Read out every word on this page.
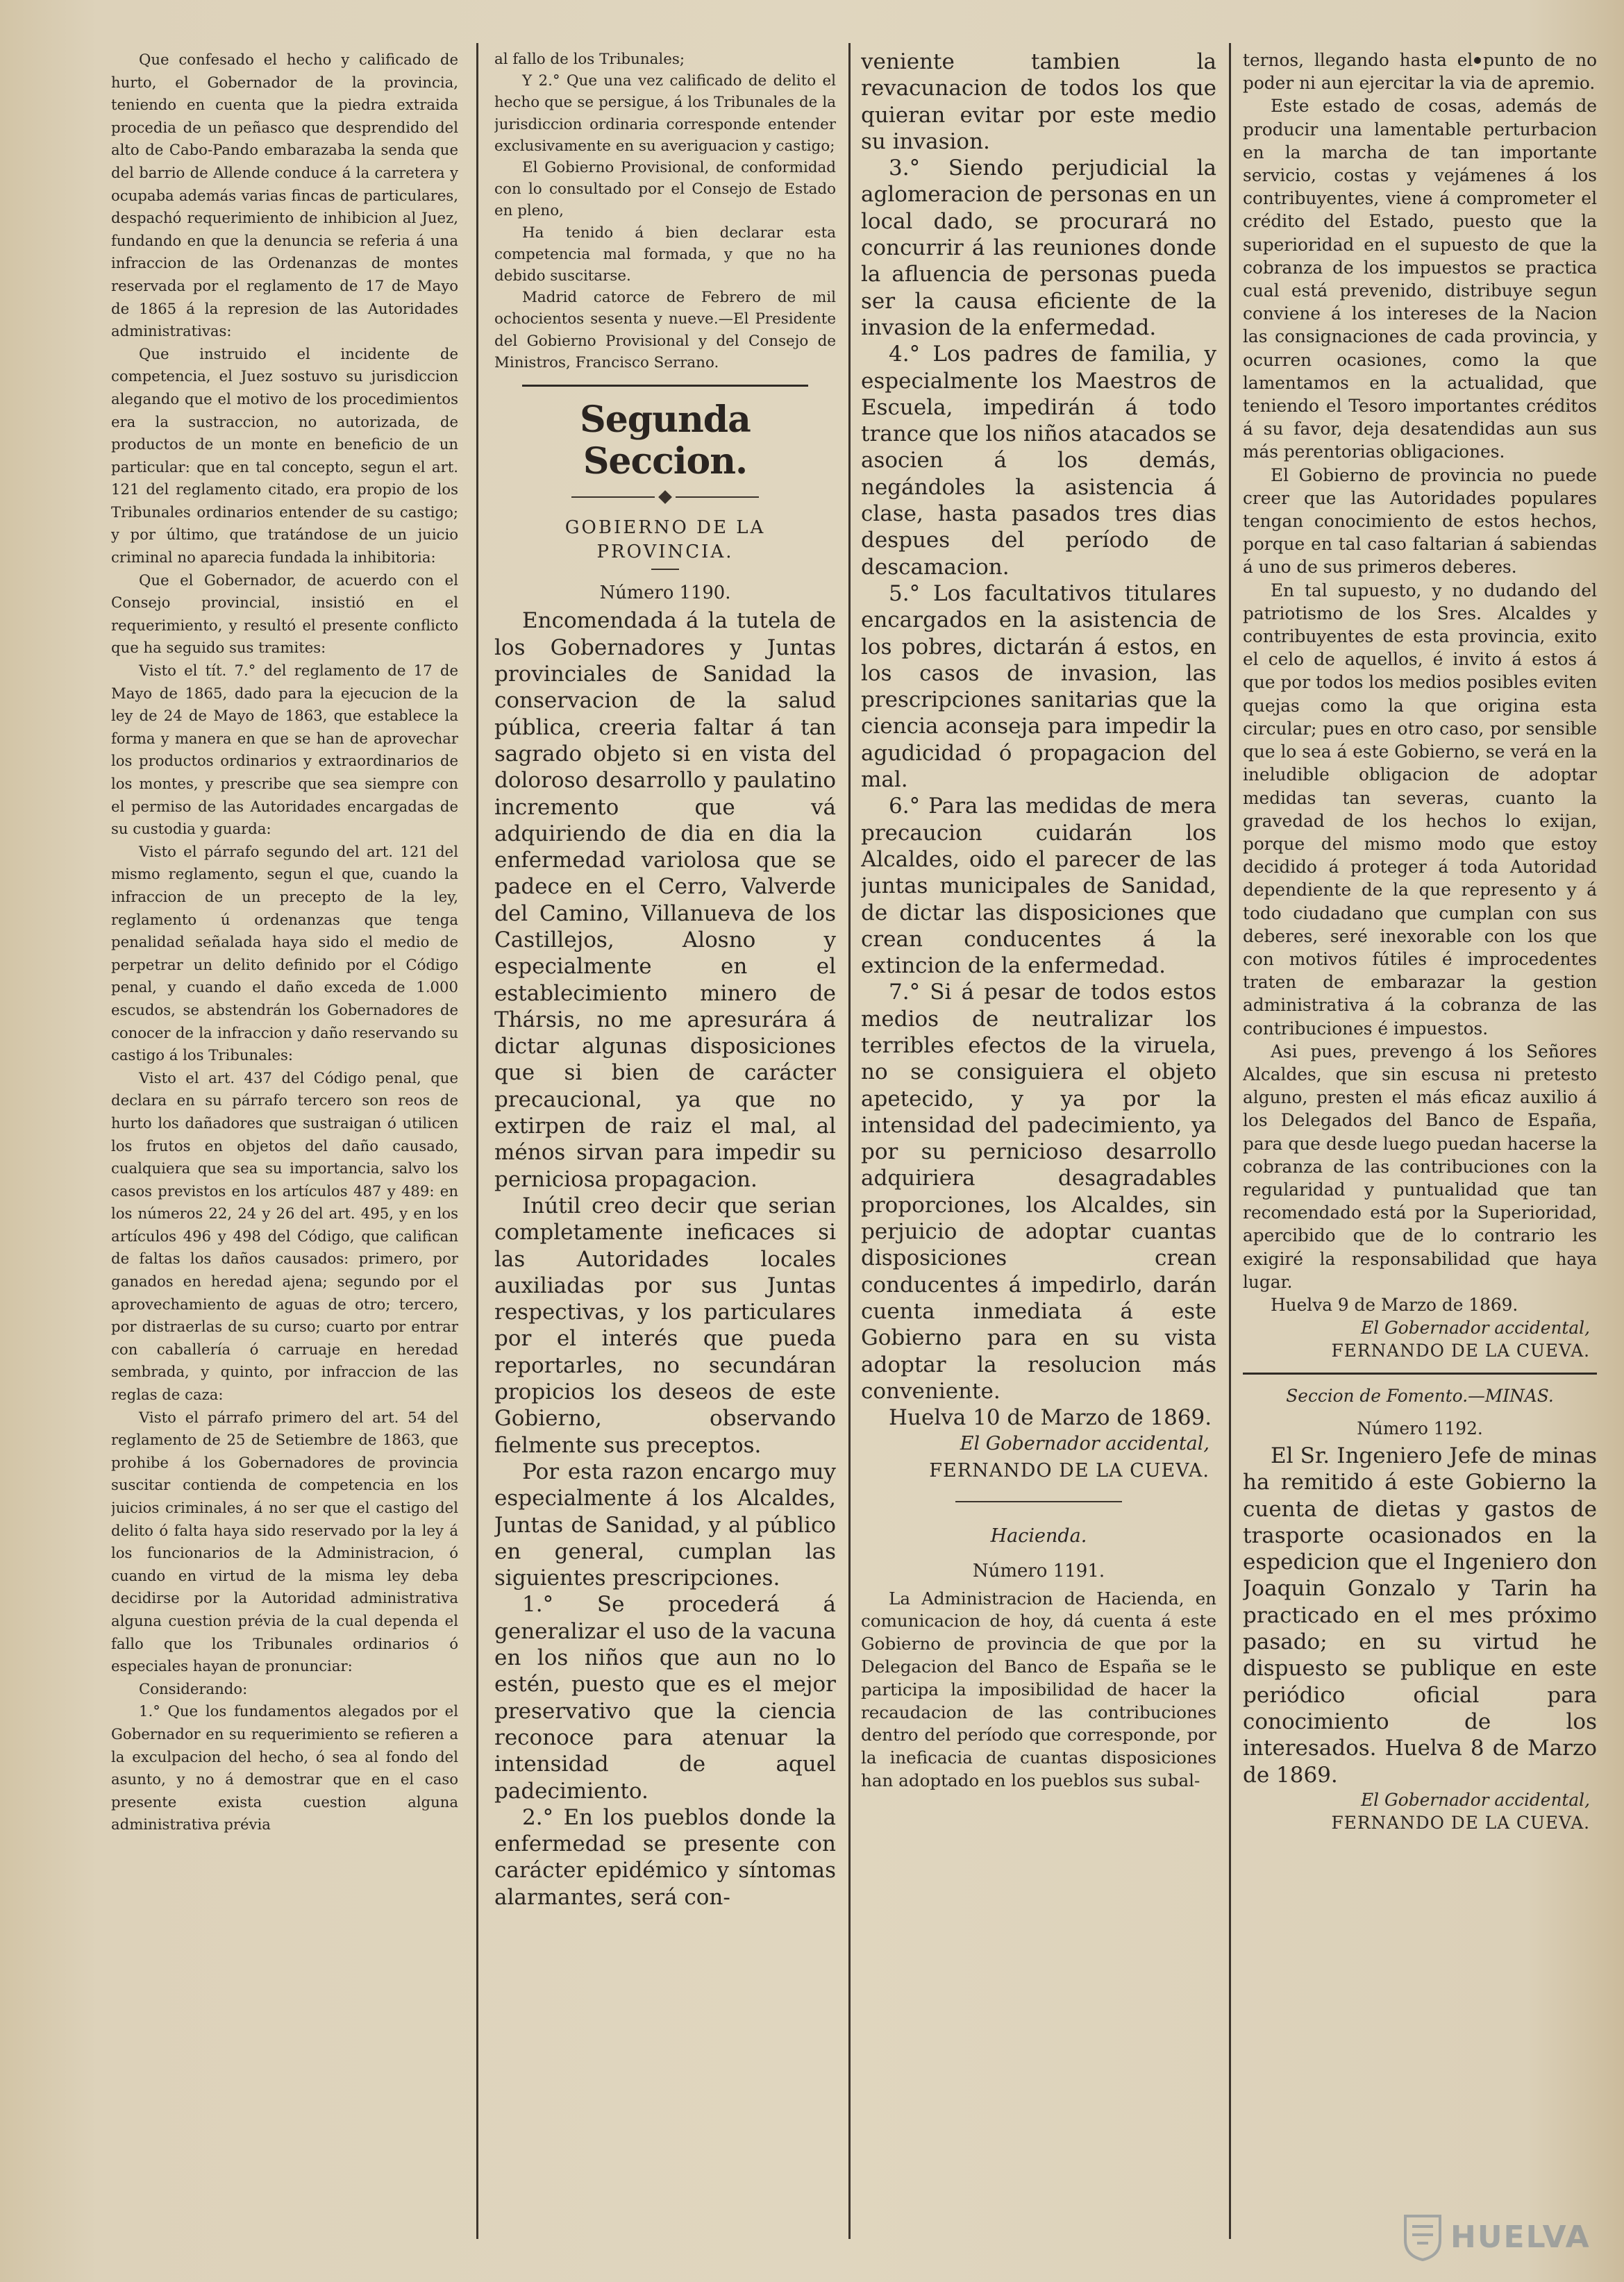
Que confesado el hecho y calificado de hurto, el Gobernador de la provincia, teniendo en cuenta que la piedra extraida procedia de un peñasco que desprendido del alto de Cabo-Pando embarazaba la senda que del barrio de Allende conduce á la carretera y ocupaba además varias fincas de particulares, despachó requerimiento de inhibicion al Juez, fundando en que la denuncia se referia á una infraccion de las Ordenanzas de montes reservada por el reglamento de 17 de Mayo de 1865 á la represion de las Autoridades administrativas:

Que instruido el incidente de competencia, el Juez sostuvo su jurisdiccion alegando que el motivo de los procedimientos era la sustraccion, no autorizada, de productos de un monte en beneficio de un particular: que en tal concepto, segun el art. 121 del reglamento citado, era propio de los Tribunales ordinarios entender de su castigo; y por último, que tratándose de un juicio criminal no aparecia fundada la inhibitoria:

Que el Gobernador, de acuerdo con el Consejo provincial, insistió en el requerimiento, y resultó el presente conflicto que ha seguido sus tramites:

Visto el tít. 7.° del reglamento de 17 de Mayo de 1865, dado para la ejecucion de la ley de 24 de Mayo de 1863, que establece la forma y manera en que se han de aprovechar los productos ordinarios y extraordinarios de los montes, y prescribe que sea siempre con el permiso de las Autoridades encargadas de su custodia y guarda:

Visto el párrafo segundo del art. 121 del mismo reglamento, segun el que, cuando la infraccion de un precepto de la ley, reglamento ú ordenanzas que tenga penalidad señalada haya sido el medio de perpetrar un delito definido por el Código penal, y cuando el daño exceda de 1.000 escudos, se abstendrán los Gobernadores de conocer de la infraccion y daño reservando su castigo á los Tribunales:

Visto el art. 437 del Código penal, que declara en su párrafo tercero son reos de hurto los dañadores que sustraigan ó utilicen los frutos en objetos del daño causado, cualquiera que sea su importancia, salvo los casos previstos en los artículos 487 y 489: en los números 22, 24 y 26 del art. 495, y en los artículos 496 y 498 del Código, que califican de faltas los daños causados: primero, por ganados en heredad ajena; segundo por el aprovechamiento de aguas de otro; tercero, por distraerlas de su curso; cuarto por entrar con caballería ó carruaje en heredad sembrada, y quinto, por infraccion de las reglas de caza:

Visto el párrafo primero del art. 54 del reglamento de 25 de Setiembre de 1863, que prohibe á los Gobernadores de provincia suscitar contienda de competencia en los juicios criminales, á no ser que el castigo del delito ó falta haya sido reservado por la ley á los funcionarios de la Administracion, ó cuando en virtud de la misma ley deba decidirse por la Autoridad administrativa alguna cuestion prévia de la cual dependa el fallo que los Tribunales ordinarios ó especiales hayan de pronunciar:

Considerando:

1.° Que los fundamentos alegados por el Gobernador en su requerimiento se refieren a la exculpacion del hecho, ó sea al fondo del asunto, y no á demostrar que en el caso presente exista cuestion alguna administrativa prévia

al fallo de los Tribunales;

Y 2.° Que una vez calificado de delito el hecho que se persigue, á los Tribunales de la jurisdiccion ordinaria corresponde entender exclusivamente en su averiguacion y castigo;

El Gobierno Provisional, de conformidad con lo consultado por el Consejo de Estado en pleno,

Ha tenido á bien declarar esta competencia mal formada, y que no ha debido suscitarse.

Madrid catorce de Febrero de mil ochocientos sesenta y nueve.—El Presidente del Gobierno Provisional y del Consejo de Ministros, Francisco Serrano.

Segunda Seccion.
GOBIERNO DE LA PROVINCIA.
Número 1190.

Encomendada á la tutela de los Gobernadores y Juntas provinciales de Sanidad la conservacion de la salud pública, creeria faltar á tan sagrado objeto si en vista del doloroso desarrollo y paulatino incremento que vá adquiriendo de dia en dia la enfermedad variolosa que se padece en el Cerro, Valverde del Camino, Villanueva de los Castillejos, Alosno y especialmente en el establecimiento minero de Thársis, no me apresurára á dictar algunas disposiciones que si bien de carácter precaucional, ya que no extirpen de raiz el mal, al ménos sirvan para impedir su perniciosa propagacion.

Inútil creo decir que serian completamente ineficaces si las Autoridades locales auxiliadas por sus Juntas respectivas, y los particulares por el interés que pueda reportarles, no secundáran propicios los deseos de este Gobierno, observando fielmente sus preceptos.

Por esta razon encargo muy especialmente á los Alcaldes, Juntas de Sanidad, y al público en general, cumplan las siguientes prescripciones.

1.° Se procederá á generalizar el uso de la vacuna en los niños que aun no lo estén, puesto que es el mejor preservativo que la ciencia reconoce para atenuar la intensidad de aquel padecimiento.

2.° En los pueblos donde la enfermedad se presente con carácter epidémico y síntomas alarmantes, será con-

veniente tambien la revacunacion de todos los que quieran evitar por este medio su invasion.

3.° Siendo perjudicial la aglomeracion de personas en un local dado, se procurará no concurrir á las reuniones donde la afluencia de personas pueda ser la causa eficiente de la invasion de la enfermedad.

4.° Los padres de familia, y especialmente los Maestros de Escuela, impedirán á todo trance que los niños atacados se asocien á los demás, negándoles la asistencia á clase, hasta pasados tres dias despues del período de descamacion.

5.° Los facultativos titulares encargados en la asistencia de los pobres, dictarán á estos, en los casos de invasion, las prescripciones sanitarias que la ciencia aconseja para impedir la agudicidad ó propagacion del mal.

6.° Para las medidas de mera precaucion cuidarán los Alcaldes, oido el parecer de las juntas municipales de Sanidad, de dictar las disposiciones que crean conducentes á la extincion de la enfermedad.

7.° Si á pesar de todos estos medios de neutralizar los terribles efectos de la viruela, no se consiguiera el objeto apetecido, y ya por la intensidad del padecimiento, ya por su pernicioso desarrollo adquiriera desagradables proporciones, los Alcaldes, sin perjuicio de adoptar cuantas disposiciones crean conducentes á impedirlo, darán cuenta inmediata á este Gobierno para en su vista adoptar la resolucion más conveniente.

Huelva 10 de Marzo de 1869.

El Gobernador accidental,
FERNANDO DE LA CUEVA.
Hacienda.
Número 1191.

La Administracion de Hacienda, en comunicacion de hoy, dá cuenta á este Gobierno de provincia de que por la Delegacion del Banco de España se le participa la imposibilidad de hacer la recaudacion de las contribuciones dentro del período que corresponde, por la ineficacia de cuantas disposiciones han adoptado en los pueblos sus subal-

ternos, llegando hasta el punto de no poder ni aun ejercitar la via de apremio.

Este estado de cosas, además de producir una lamentable perturbacion en la marcha de tan importante servicio, costas y vejámenes á los contribuyentes, viene á comprometer el crédito del Estado, puesto que la superioridad en el supuesto de que la cobranza de los impuestos se practica cual está prevenido, distribuye segun conviene á los intereses de la Nacion las consignaciones de cada provincia, y ocurren ocasiones, como la que lamentamos en la actualidad, que teniendo el Tesoro importantes créditos á su favor, deja desatendidas aun sus más perentorias obligaciones.

El Gobierno de provincia no puede creer que las Autoridades populares tengan conocimiento de estos hechos, porque en tal caso faltarian á sabiendas á uno de sus primeros deberes.

En tal supuesto, y no dudando del patriotismo de los Sres. Alcaldes y contribuyentes de esta provincia, exito el celo de aquellos, é invito á estos á que por todos los medios posibles eviten quejas como la que origina esta circular; pues en otro caso, por sensible que lo sea á este Gobierno, se verá en la ineludible obligacion de adoptar medidas tan severas, cuanto la gravedad de los hechos lo exijan, porque del mismo modo que estoy decidido á proteger á toda Autoridad dependiente de la que represento y á todo ciudadano que cumplan con sus deberes, seré inexorable con los que con motivos fútiles é improcedentes traten de embarazar la gestion administrativa á la cobranza de las contribuciones é impuestos.

Asi pues, prevengo á los Señores Alcaldes, que sin escusa ni pretesto alguno, presten el más eficaz auxilio á los Delegados del Banco de España, para que desde luego puedan hacerse la cobranza de las contribuciones con la regularidad y puntualidad que tan recomendado está por la Superioridad, apercibido que de lo contrario les exigiré la responsabilidad que haya lugar.

Huelva 9 de Marzo de 1869.

El Gobernador accidental,
FERNANDO DE LA CUEVA.
Seccion de Fomento.—MINAS.
Número 1192.

El Sr. Ingeniero Jefe de minas ha remitido á este Gobierno la cuenta de dietas y gastos de trasporte ocasionados en la espedicion que el Ingeniero don Joaquin Gonzalo y Tarin ha practicado en el mes próximo pasado; en su virtud he dispuesto se publique en este periódico oficial para conocimiento de los interesados. Huelva 8 de Marzo de 1869.

El Gobernador accidental,
FERNANDO DE LA CUEVA.
HUELVA
